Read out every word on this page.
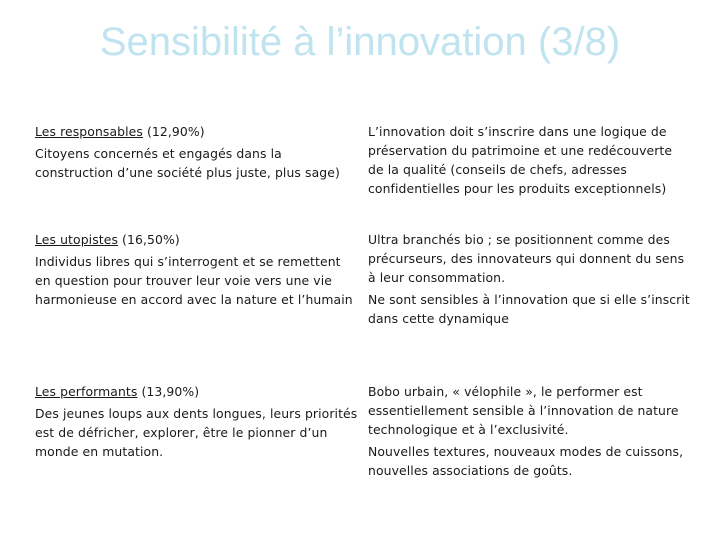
Sensibilité à l’innovation (3/8)

Les responsables (12,90%)

Citoyens concernés et engagés dans la construction d’une société plus juste, plus sage)

L’innovation doit s’inscrire dans une logique de préservation du patrimoine et une redécouverte de la qualité (conseils de chefs, adresses confidentielles pour les produits exceptionnels)

Les utopistes (16,50%)

Individus libres qui s’interrogent et se remettent en question pour trouver leur voie vers une vie harmonieuse en accord avec la nature et l’humain

Ultra branchés bio ; se positionnent comme des précurseurs, des innovateurs qui donnent du sens à leur consommation.

Ne sont sensibles à l’innovation que si elle s’inscrit dans cette dynamique

Les performants (13,90%)

Des jeunes loups aux dents longues, leurs priorités est de défricher, explorer, être le pionner d’un monde en mutation.

Bobo urbain, « vélophile », le performer est essentiellement sensible à l’innovation de nature technologique et à l’exclusivité.

Nouvelles textures, nouveaux modes de cuissons, nouvelles associations de goûts.
